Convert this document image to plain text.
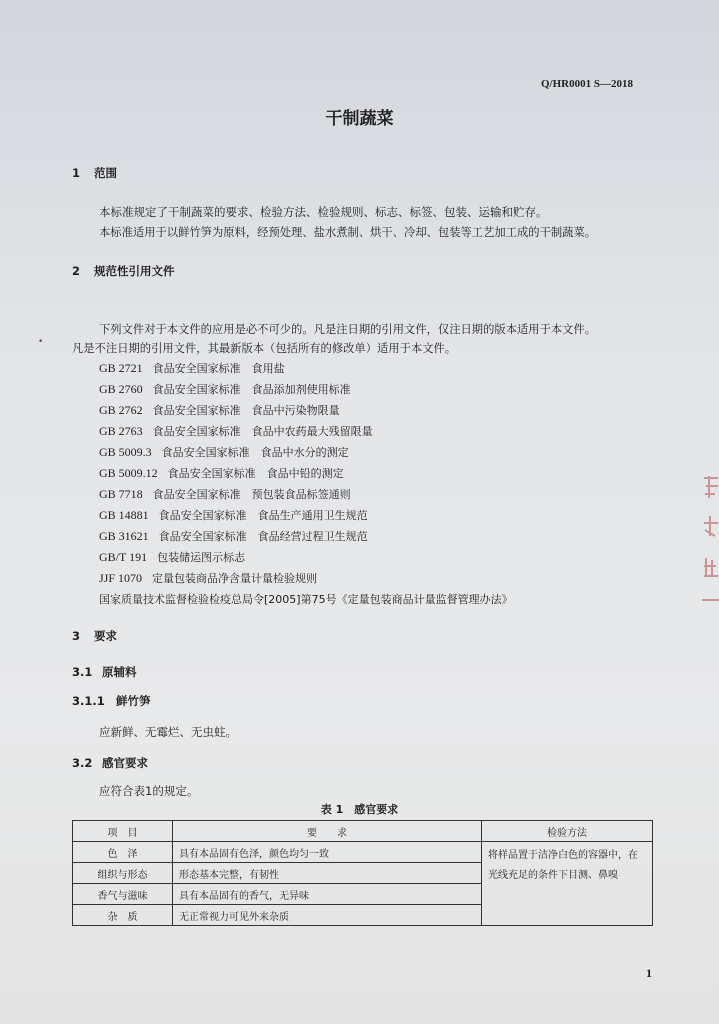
Q/HR0001 S—2018
干制蔬菜
1 范围
本标准规定了干制蔬菜的要求、检验方法、检验规则、标志、标签、包装、运输和贮存。
本标准适用于以鲜竹笋为原料，经预处理、盐水煮制、烘干、冷却、包装等工艺加工成的干制蔬菜。
2 规范性引用文件
下列文件对于本文件的应用是必不可少的。凡是注日期的引用文件，仅注日期的版本适用于本文件。
凡是不注日期的引用文件，其最新版本（包括所有的修改单）适用于本文件。
•
GB 2721 食品安全国家标准　食用盐
GB 2760 食品安全国家标准　食品添加剂使用标准
GB 2762 食品安全国家标准　食品中污染物限量
GB 2763 食品安全国家标准　食品中农药最大残留限量
GB 5009.3 食品安全国家标准　食品中水分的测定
GB 5009.12 食品安全国家标准　食品中铅的测定
GB 7718 食品安全国家标准　预包装食品标签通则
GB 14881 食品安全国家标准　食品生产通用卫生规范
GB 31621 食品安全国家标准　食品经营过程卫生规范
GB/T 191 包装储运图示标志
JJF 1070 定量包装商品净含量计量检验规则
国家质量技术监督检验检疫总局令[2005]第75号《定量包装商品计量监督管理办法》
3 要求
3.1 原辅料
3.1.1 鲜竹笋
应新鲜、无霉烂、无虫蛀。
3.2 感官要求
应符合表1的规定。
表 1　感官要求
项　目	要　　求	检验方法
色　泽	具有本品固有色泽，颜色均匀一致	将样品置于洁净白色的容器中，在光线充足的条件下目测、鼻嗅
组织与形态	形态基本完整，有韧性	
香气与滋味	具有本品固有的香气，无异味	
杂　质	无正常视力可见外来杂质	
1
